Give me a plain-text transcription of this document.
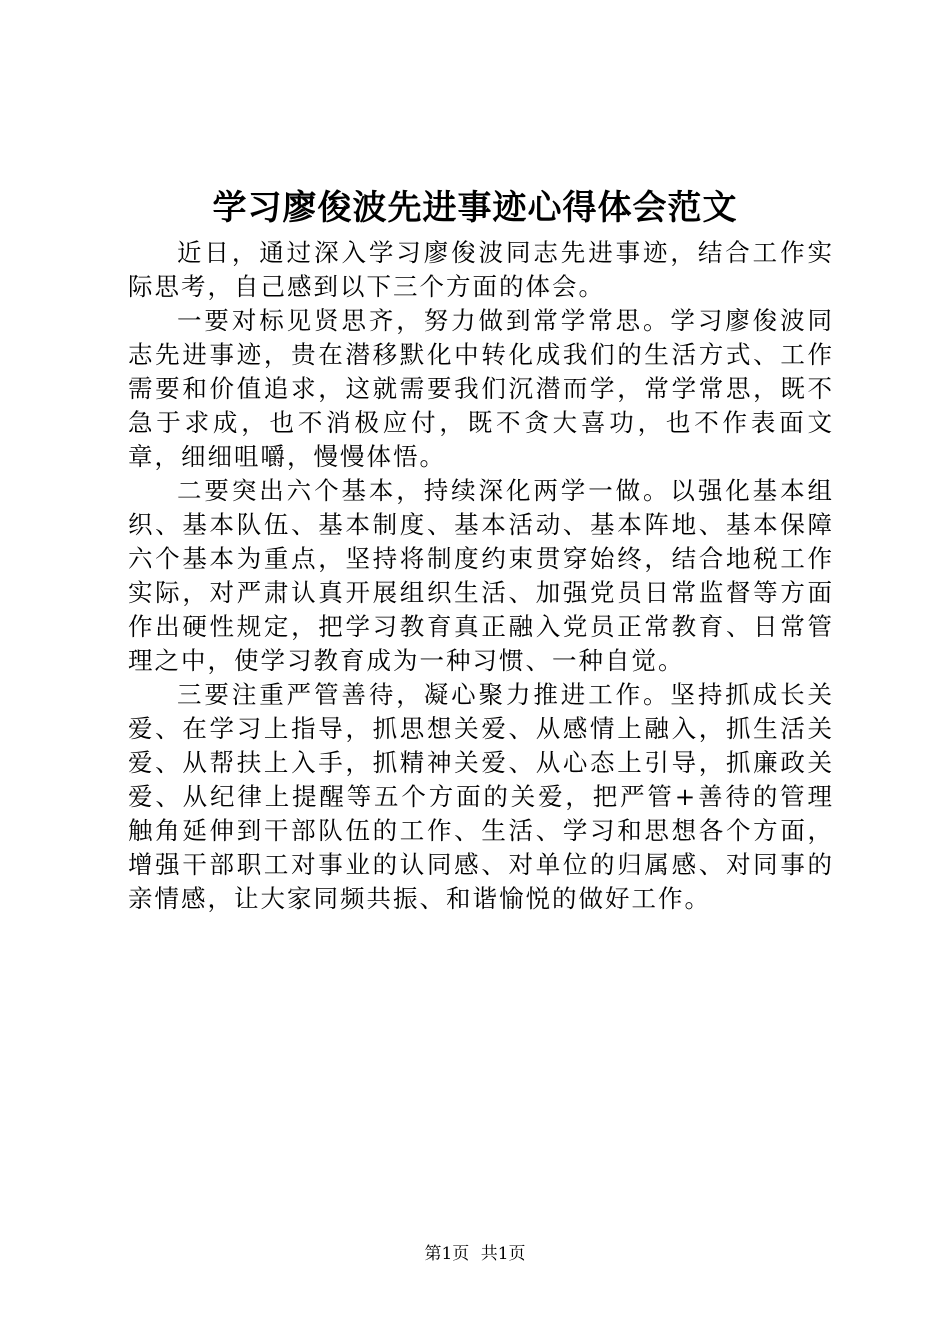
学习廖俊波先进事迹心得体会范文

近日，通过深入学习廖俊波同志先进事迹，结合工作实际思考，自己感到以下三个方面的体会。

一要对标见贤思齐，努力做到常学常思。学习廖俊波同志先进事迹，贵在潜移默化中转化成我们的生活方式、工作需要和价值追求，这就需要我们沉潜而学，常学常思，既不急于求成，也不消极应付，既不贪大喜功，也不作表面文章，细细咀嚼，慢慢体悟。

二要突出六个基本，持续深化两学一做。以强化基本组织、基本队伍、基本制度、基本活动、基本阵地、基本保障六个基本为重点，坚持将制度约束贯穿始终，结合地税工作实际，对严肃认真开展组织生活、加强党员日常监督等方面作出硬性规定，把学习教育真正融入党员正常教育、日常管理之中，使学习教育成为一种习惯、一种自觉。

三要注重严管善待，凝心聚力推进工作。坚持抓成长关爱、在学习上指导，抓思想关爱、从感情上融入，抓生活关爱、从帮扶上入手，抓精神关爱、从心态上引导，抓廉政关爱、从纪律上提醒等五个方面的关爱，把严管+善待的管理触角延伸到干部队伍的工作、生活、学习和思想各个方面，增强干部职工对事业的认同感、对单位的归属感、对同事的亲情感，让大家同频共振、和谐愉悦的做好工作。

第1页 共1页
